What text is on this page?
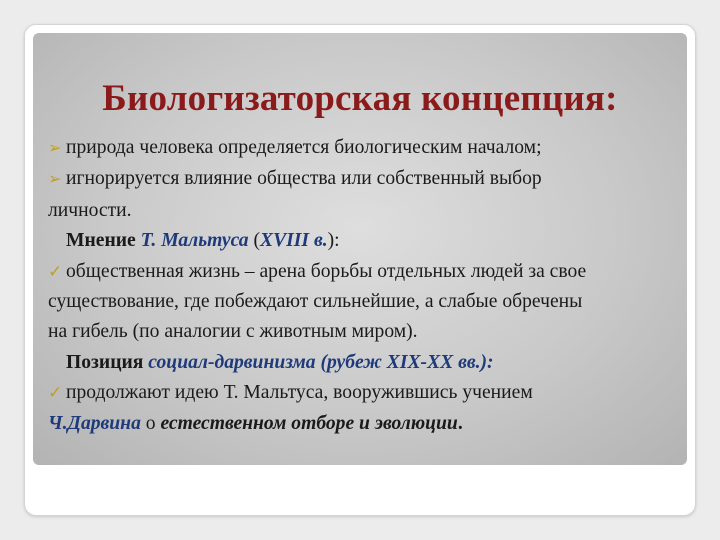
Биологизаторская концепция:
➢ природа человека определяется биологическим началом;
➢ игнорируется влияние общества или собственный выбор
личности.
Мнение Т. Мальтуса (XVIII в.):
✓ общественная жизнь – арена борьбы отдельных людей за свое
существование, где побеждают сильнейшие, а слабые обречены
на гибель (по аналогии с животным миром).
Позиция социал-дарвинизма (рубеж XIX-XX вв.):
✓ продолжают идею Т. Мальтуса, вооружившись учением
Ч.Дарвина о естественном отборе и эволюции.
